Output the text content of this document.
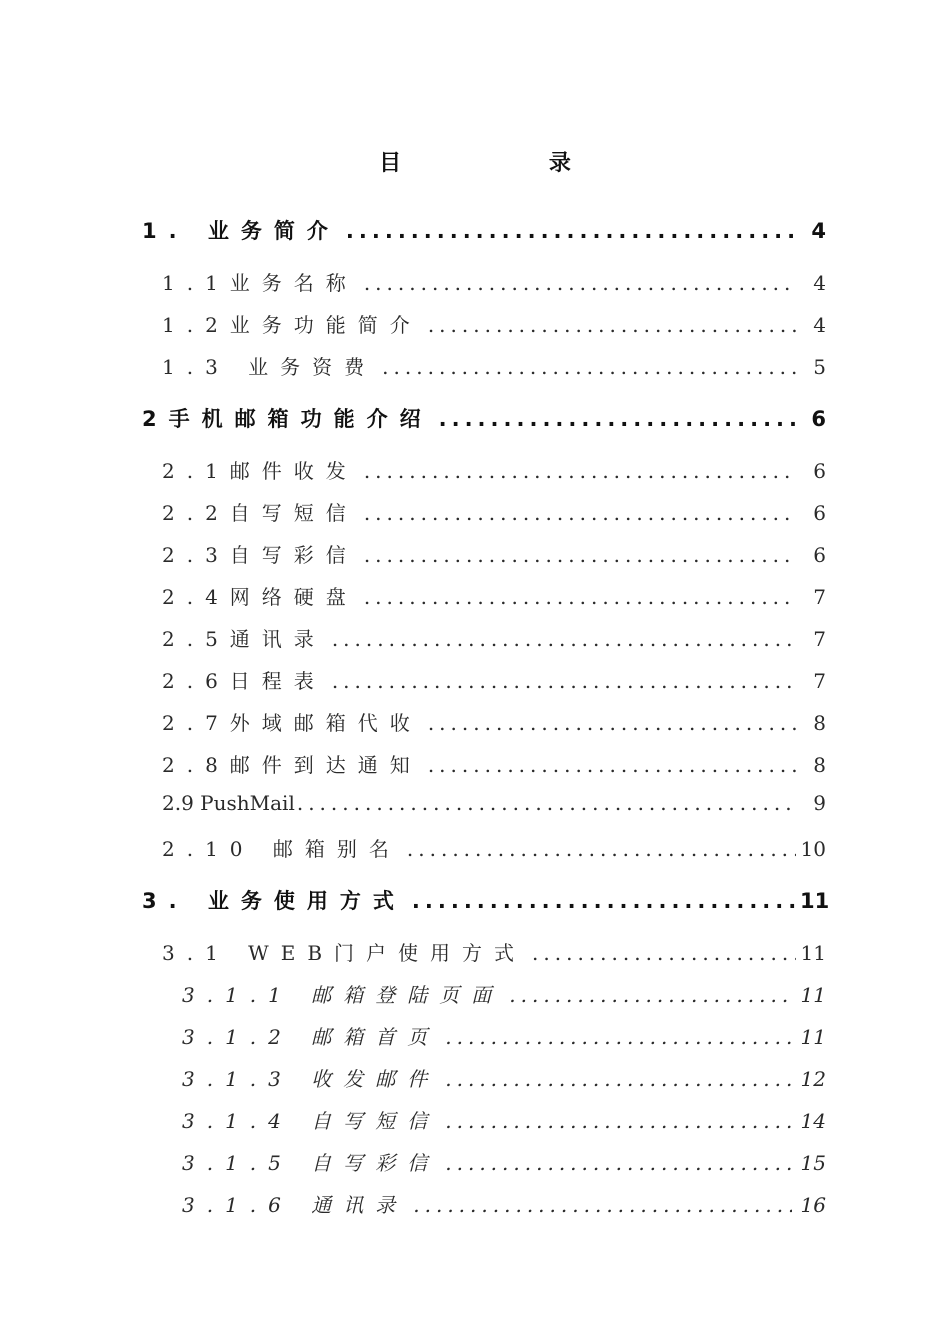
目 录
1. 业务简介 .....	4
1.1业务名称 .....	4
1.2业务功能简介 .....	4
1.3 业务资费 .....	5
2手机邮箱功能介绍 .....	6
2.1邮件收发 .....	6
2.2自写短信 .....	6
2.3自写彩信 .....	6
2.4网络硬盘 .....	7
2.5通讯录 .....	7
2.6日程表 .....	7
2.7外域邮箱代收 .....	8
2.8邮件到达通知 .....	8
2.9 PushMail .....	9
2.10 邮箱别名 .....	10
3. 业务使用方式 .....	11
3.1 WEB门户使用方式 .....	11
3.1.1 邮箱登陆页面 .....	11
3.1.2 邮箱首页 .....	11
3.1.3 收发邮件 .....	12
3.1.4 自写短信 .....	14
3.1.5 自写彩信 .....	15
3.1.6 通讯录 .....	16
